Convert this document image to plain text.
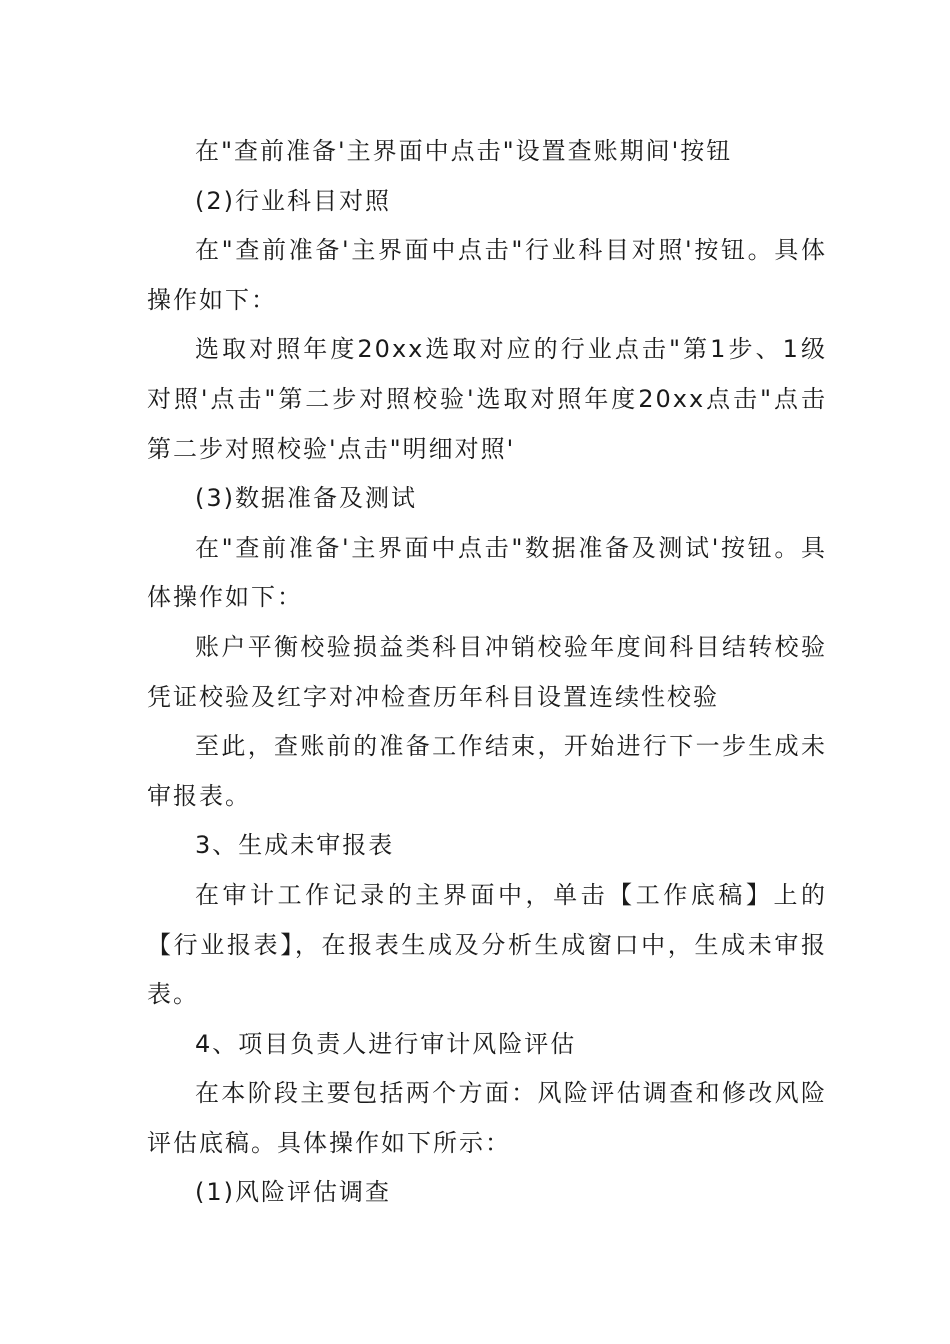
在"查前准备'主界面中点击"设置查账期间'按钮

(2)行业科目对照

在"查前准备'主界面中点击"行业科目对照'按钮。具体操作如下：

选取对照年度20xx选取对应的行业点击"第1步、1级对照'点击"第二步对照校验'选取对照年度20xx点击"点击第二步对照校验'点击"明细对照'

(3)数据准备及测试

在"查前准备'主界面中点击"数据准备及测试'按钮。具体操作如下：

账户平衡校验损益类科目冲销校验年度间科目结转校验凭证校验及红字对冲检查历年科目设置连续性校验

至此，查账前的准备工作结束，开始进行下一步生成未审报表。

3、生成未审报表

在审计工作记录的主界面中，单击【工作底稿】上的【行业报表】，在报表生成及分析生成窗口中，生成未审报表。

4、项目负责人进行审计风险评估

在本阶段主要包括两个方面：风险评估调查和修改风险评估底稿。具体操作如下所示：

(1)风险评估调查
